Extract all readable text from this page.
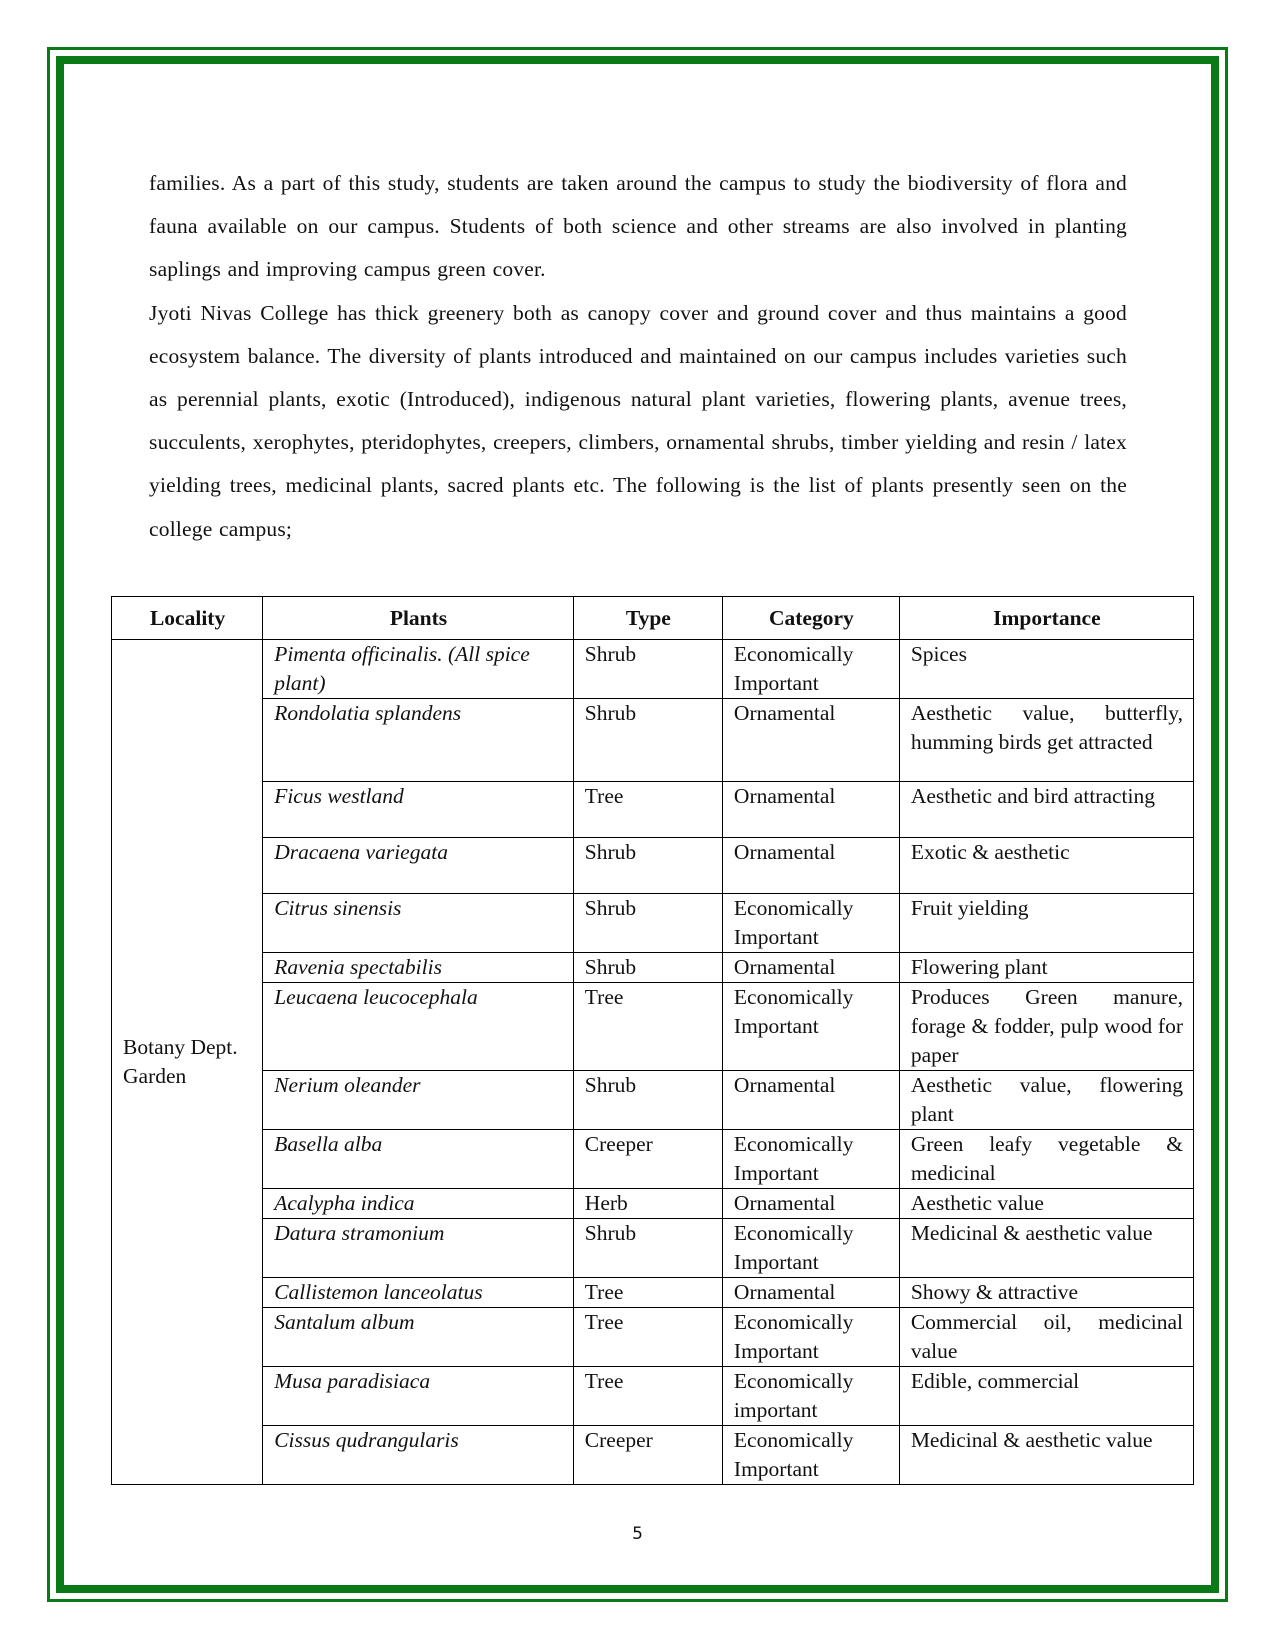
families. As a part of this study, students are taken around the campus to study the biodiversity of flora and fauna available on our campus. Students of both science and other streams are also involved in planting saplings and improving campus green cover.

Jyoti Nivas College has thick greenery both as canopy cover and ground cover and thus maintains a good ecosystem balance. The diversity of plants introduced and maintained on our campus includes varieties such as perennial plants, exotic (Introduced), indigenous natural plant varieties, flowering plants, avenue trees, succulents, xerophytes, pteridophytes, creepers, climbers, ornamental shrubs, timber yielding and resin / latex yielding trees, medicinal plants, sacred plants etc. The following is the list of plants presently seen on the college campus;

Locality	Plants	Type	Category	Importance
Botany Dept. Garden	Pimenta officinalis. (All spice plant)	Shrub	Economically Important	Spices
	Rondolatia splandens	Shrub	Ornamental	Aesthetic value, butterfly, humming birds get attracted
	Ficus westland	Tree	Ornamental	Aesthetic and bird attracting
	Dracaena variegata	Shrub	Ornamental	Exotic & aesthetic
	Citrus sinensis	Shrub	Economically Important	Fruit yielding
	Ravenia spectabilis	Shrub	Ornamental	Flowering plant
	Leucaena leucocephala	Tree	Economically Important	Produces Green manure, forage & fodder, pulp wood for paper
	Nerium oleander	Shrub	Ornamental	Aesthetic value, flowering plant
	Basella alba	Creeper	Economically Important	Green leafy vegetable & medicinal
	Acalypha indica	Herb	Ornamental	Aesthetic value
	Datura stramonium	Shrub	Economically Important	Medicinal & aesthetic value
	Callistemon lanceolatus	Tree	Ornamental	Showy & attractive
	Santalum album	Tree	Economically Important	Commercial oil, medicinal value
	Musa paradisiaca	Tree	Economically important	Edible, commercial
	Cissus qudrangularis	Creeper	Economically Important	Medicinal & aesthetic value
5
